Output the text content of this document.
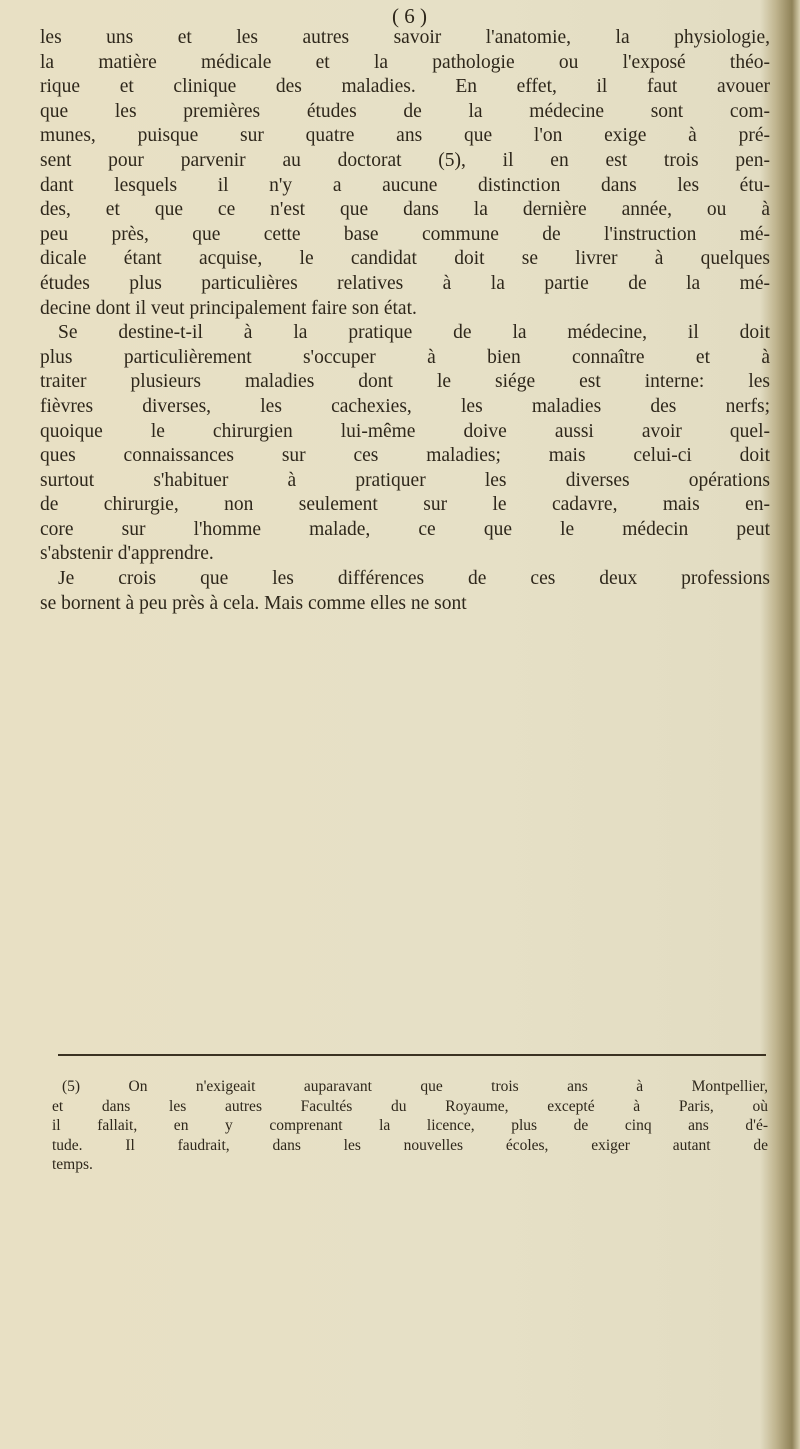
( 6 )
les uns et les autres savoir l'anatomie, la physiologie,
la matière médicale et la pathologie ou l'exposé théo-
rique et clinique des maladies. En effet, il faut avouer
que les premières études de la médecine sont com-
munes, puisque sur quatre ans que l'on exige à pré-
sent pour parvenir au doctorat (5), il en est trois pen-
dant lesquels il n'y a aucune distinction dans les étu-
des, et que ce n'est que dans la dernière année, ou à
peu près, que cette base commune de l'instruction mé-
dicale étant acquise, le candidat doit se livrer à quelques
études plus particulières relatives à la partie de la mé-
decine dont il veut principalement faire son état.
Se destine-t-il à la pratique de la médecine, il doit
plus particulièrement s'occuper à bien connaître et à
traiter plusieurs maladies dont le siége est interne: les
fièvres diverses, les cachexies, les maladies des nerfs;
quoique le chirurgien lui-même doive aussi avoir quel-
ques connaissances sur ces maladies; mais celui-ci doit
surtout s'habituer à pratiquer les diverses opérations
de chirurgie, non seulement sur le cadavre, mais en-
core sur l'homme malade, ce que le médecin peut
s'abstenir d'apprendre.
Je crois que les différences de ces deux professions
se bornent à peu près à cela. Mais comme elles ne sont
(5) On n'exigeait auparavant que trois ans à Montpellier,
et dans les autres Facultés du Royaume, excepté à Paris, où
il fallait, en y comprenant la licence, plus de cinq ans d'é-
tude. Il faudrait, dans les nouvelles écoles, exiger autant de
temps.
